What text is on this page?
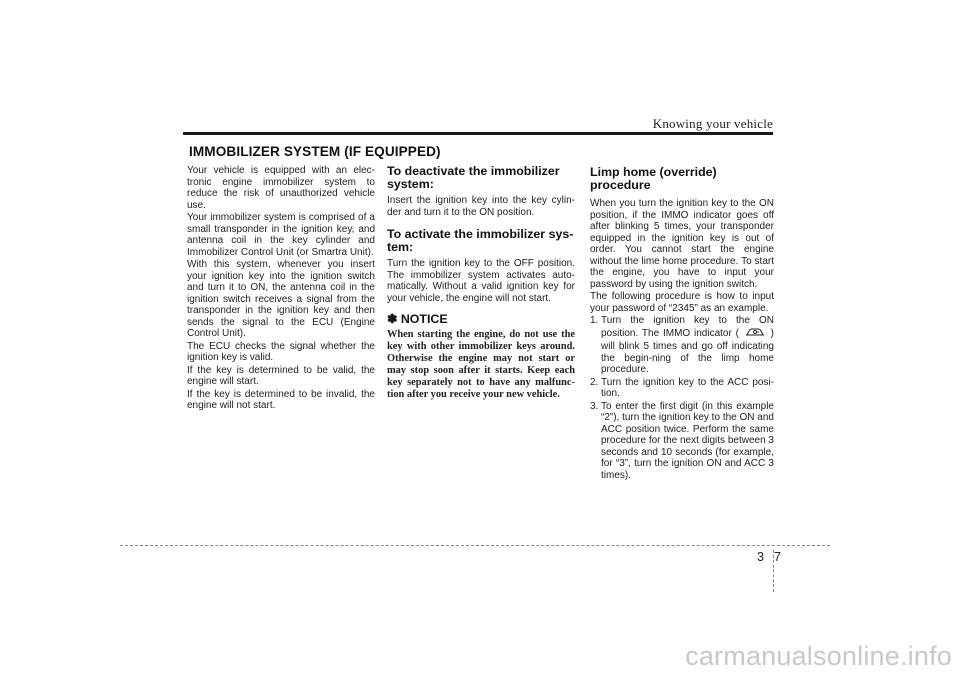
Knowing your vehicle
IMMOBILIZER SYSTEM (IF EQUIPPED)

Your vehicle is equipped with an elec-tronic engine immobilizer system to reduce the risk of unauthorized vehicle use.

Your immobilizer system is comprised of a small transponder in the ignition key, and antenna coil in the key cylinder and Immobilizer Control Unit (or Smartra Unit).

With this system, whenever you insert your ignition key into the ignition switch and turn it to ON, the antenna coil in the ignition switch receives a signal from the transponder in the ignition key and then sends the signal to the ECU (Engine Control Unit).

The ECU checks the signal whether the ignition key is valid.

If the key is determined to be valid, the engine will start.

If the key is determined to be invalid, the engine will not start.

To deactivate the immobilizer system:

Insert the ignition key into the key cylin-der and turn it to the ON position.

To activate the immobilizer sys-tem:

Turn the ignition key to the OFF position. The immobilizer system activates auto-matically. Without a valid ignition key for your vehicle, the engine will not start.

✽ NOTICE

When starting the engine, do not use the key with other immobilizer keys around. Otherwise the engine may not start or may stop soon after it starts. Keep each key separately not to have any malfunc-tion after you receive your new vehicle.

Limp home (override) procedure

When you turn the ignition key to the ON position, if the IMMO indicator goes off after blinking 5 times, your transponder equipped in the ignition key is out of order. You cannot start the engine without the lime home procedure. To start the engine, you have to input your password by using the ignition switch.

The following procedure is how to input your password of “2345” as an example.

1. Turn the ignition key to the ON position. The IMMO indicator (	) will blink 5 times and go off indicating the begin-ning of the limp home procedure.
2. Turn the ignition key to the ACC posi-tion.
3. To enter the first digit (in this example “2”), turn the ignition key to the ON and ACC position twice. Perform the same procedure for the next digits between 3 seconds and 10 seconds (for example, for “3”, turn the ignition ON and ACC 3 times).
3 7
carmanualsonline.info
